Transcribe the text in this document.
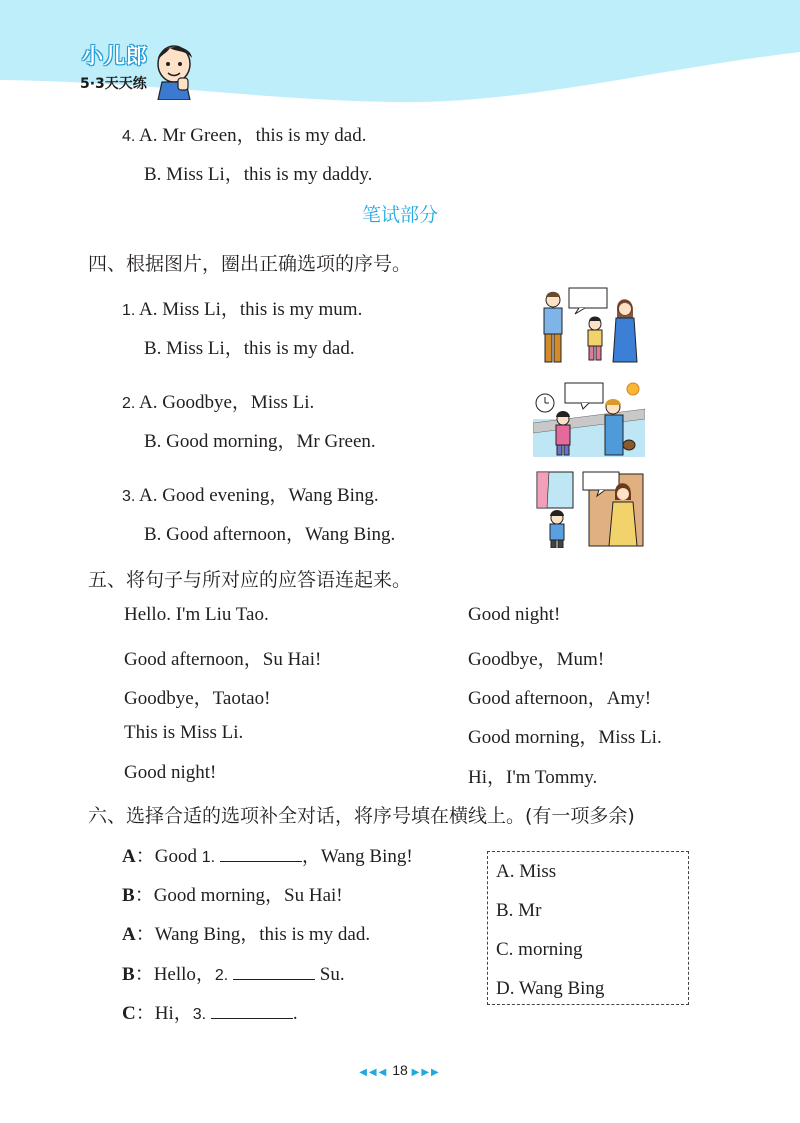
小儿郎
5·3天天练
4. A. Mr Green，this is my dad.
B. Miss Li，this is my daddy.
笔试部分
四、根据图片，圈出正确选项的序号。
1. A. Miss Li，this is my mum.
B. Miss Li，this is my dad.
2. A. Goodbye，Miss Li.
B. Good morning，Mr Green.
3. A. Good evening，Wang Bing.
B. Good afternoon，Wang Bing.
五、将句子与所对应的应答语连起来。
Hello. I'm Liu Tao.
Good afternoon，Su Hai!
Goodbye，Taotao!
This is Miss Li.
Good night!
Good night!
Goodbye，Mum!
Good afternoon，Amy!
Good morning，Miss Li.
Hi，I'm Tommy.
六、选择合适的选项补全对话，将序号填在横线上。(有一项多余)
A：Good 1.	，Wang Bing!
B：Good morning，Su Hai!
A：Wang Bing，this is my dad.
B：Hello，2.	Su.
C：Hi，3.	.
A. Miss
B. Mr
C. morning
D. Wang Bing
◀◀◀ 18 ▶▶▶
